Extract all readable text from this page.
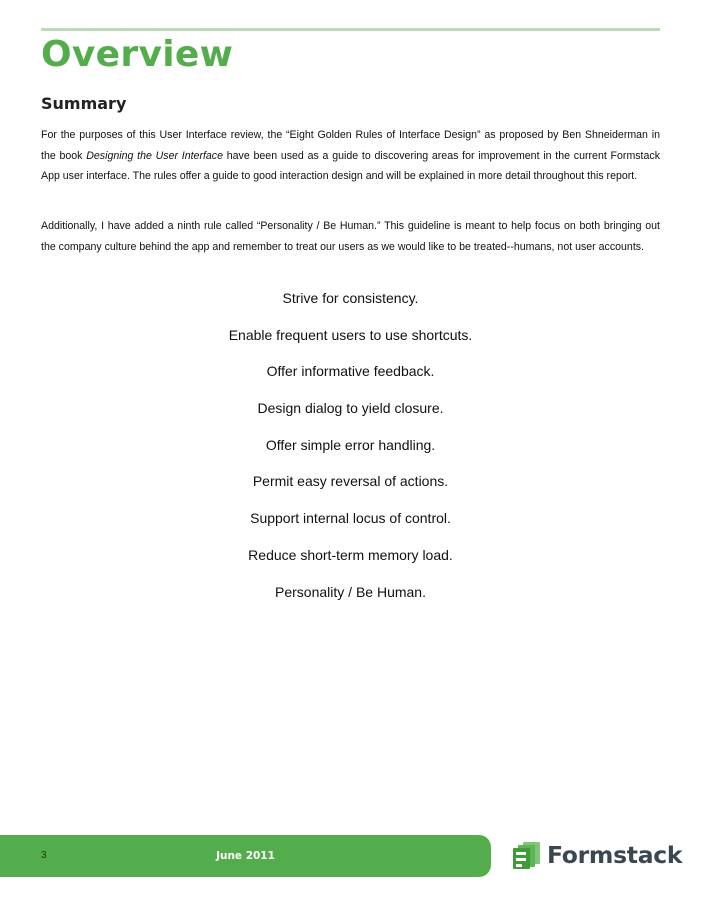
Overview
Summary

For the purposes of this User Interface review, the “Eight Golden Rules of Interface Design” as proposed by Ben Shneiderman in the book Designing the User Interface have been used as a guide to discovering areas for improvement in the current Formstack App user interface. The rules offer a guide to good interaction design and will be explained in more detail throughout this report.

Additionally, I have added a ninth rule called “Personality / Be Human.” This guideline is meant to help focus on both bringing out the company culture behind the app and remember to treat our users as we would like to be treated--humans, not user accounts.

Strive for consistency.
Enable frequent users to use shortcuts.
Offer informative feedback.
Design dialog to yield closure.
Offer simple error handling.
Permit easy reversal of actions.
Support internal locus of control.
Reduce short-term memory load.
Personality / Be Human.
3	June 2011	Formstack
